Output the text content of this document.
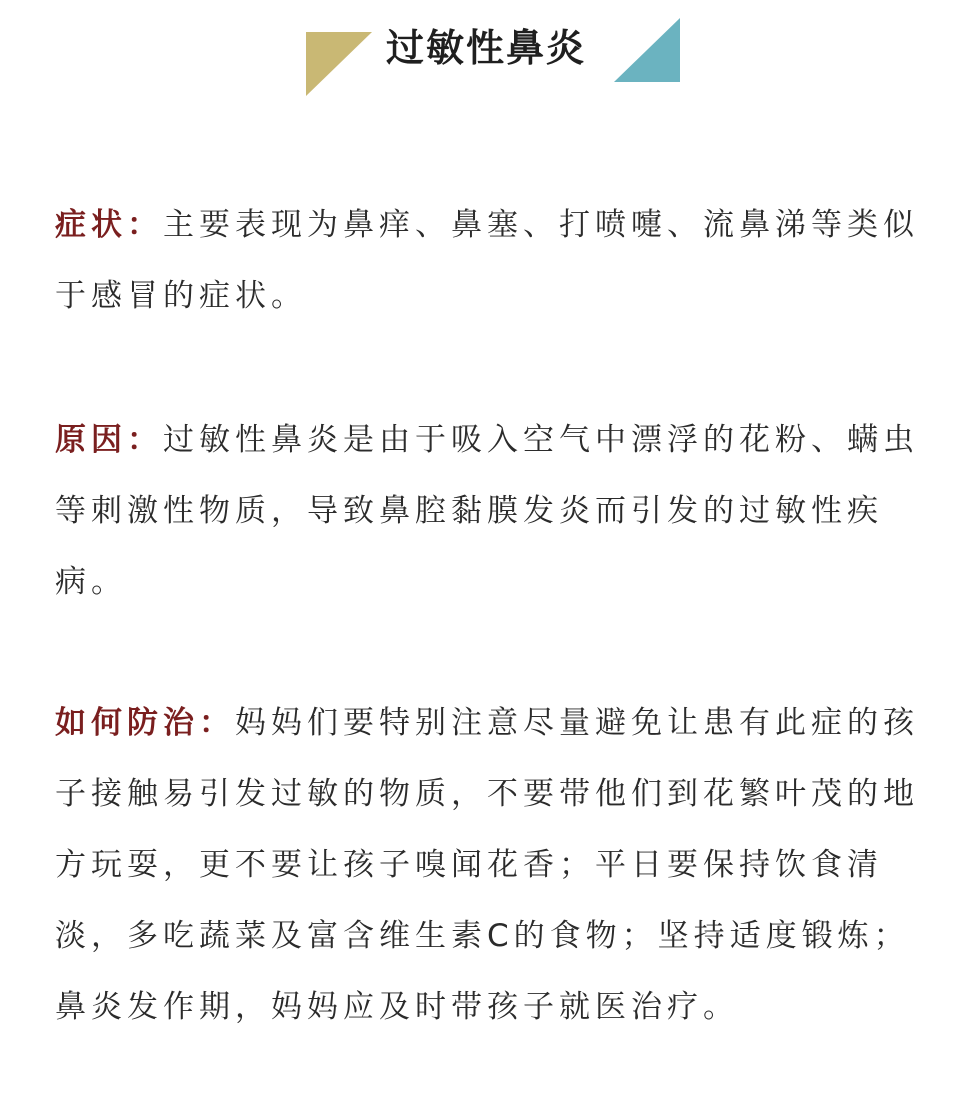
过敏性鼻炎
症状：主要表现为鼻痒、鼻塞、打喷嚏、流鼻涕等类似于感冒的症状。
原因：过敏性鼻炎是由于吸入空气中漂浮的花粉、螨虫等刺激性物质，导致鼻腔黏膜发炎而引发的过敏性疾病。
如何防治：妈妈们要特别注意尽量避免让患有此症的孩子接触易引发过敏的物质，不要带他们到花繁叶茂的地方玩耍，更不要让孩子嗅闻花香；平日要保持饮食清淡，多吃蔬菜及富含维生素C的食物；坚持适度锻炼；鼻炎发作期，妈妈应及时带孩子就医治疗。
